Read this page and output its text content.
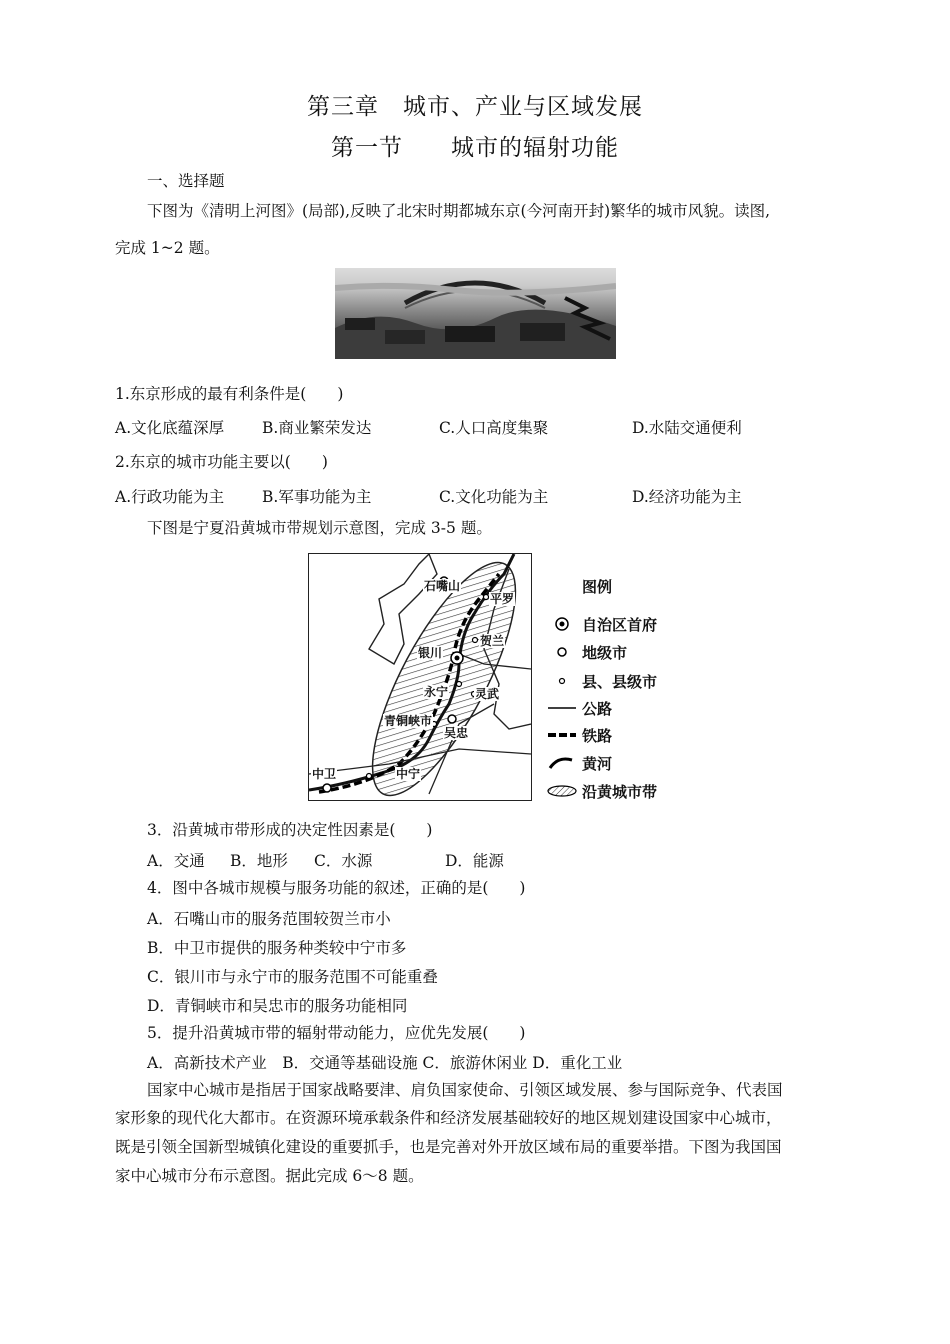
第三章　城市、产业与区域发展
第一节　　城市的辐射功能
一、选择题
下图为《清明上河图》(局部),反映了北宋时期都城东京(今河南开封)繁华的城市风貌。读图,
完成 1~2 题。
1.东京形成的最有利条件是(　　)
A.文化底蕴深厚 B.商业繁荣发达	C.人口高度集聚	D.水陆交通便利
2.东京的城市功能主要以(　　)
A.行政功能为主 B.军事功能为主	C.文化功能为主	D.经济功能为主
下图是宁夏沿黄城市带规划示意图，完成 3-5 题。
石嘴山
平罗
贺兰
银川
永宁 灵武
青铜峡市
吴忠
中卫	中宁
图例
自治区首府
地级市
县、县级市
公路
铁路
黄河
沿黄城市带
3．沿黄城市带形成的决定性因素是(　　)
A．交通 B．地形 C．水源	D．能源
4．图中各城市规模与服务功能的叙述，正确的是(　　)
A．石嘴山市的服务范围较贺兰市小
B．中卫市提供的服务种类较中宁市多
C．银川市与永宁市的服务范围不可能重叠
D．青铜峡市和吴忠市的服务功能相同
5．提升沿黄城市带的辐射带动能力，应优先发展(　　)
A．高新技术产业　B．交通等基础设施 C．旅游休闲业 D．重化工业
国家中心城市是指居于国家战略要津、肩负国家使命、引领区域发展、参与国际竞争、代表国
家形象的现代化大都市。在资源环境承载条件和经济发展基础较好的地区规划建设国家中心城市，
既是引领全国新型城镇化建设的重要抓手，也是完善对外开放区域布局的重要举措。下图为我国国
家中心城市分布示意图。据此完成 6～8 题。
